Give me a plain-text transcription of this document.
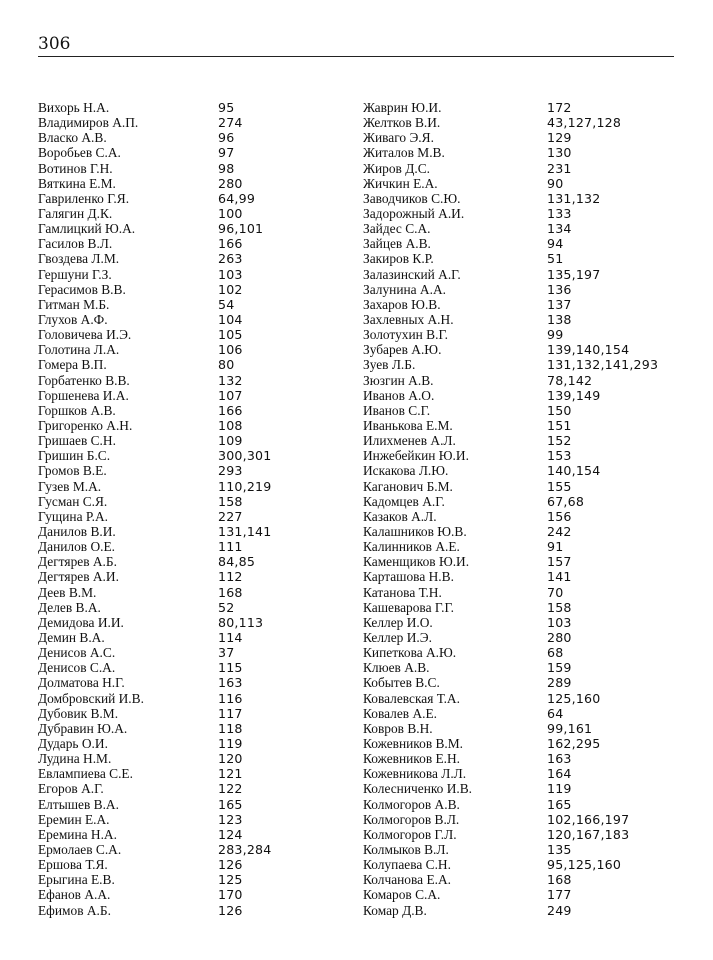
306
Вихорь Н.А.	95
Владимиров А.П.	274
Власко А.В.	96
Воробьев С.А.	97
Вотинов Г.Н.	98
Вяткина Е.М.	280
Гавриленко Г.Я.	64,99
Галягин Д.К.	100
Гамлицкий Ю.А.	96,101
Гасилов В.Л.	166
Гвоздева Л.М.	263
Гершуни Г.З.	103
Герасимов В.В.	102
Гитман М.Б.	54
Глухов А.Ф.	104
Головичева И.Э.	105
Голотина Л.А.	106
Гомера В.П.	80
Горбатенко В.В.	132
Горшенева И.А.	107
Горшков А.В.	166
Григоренко А.Н.	108
Гришаев С.Н.	109
Гришин Б.С.	300,301
Громов В.Е.	293
Гузев М.А.	110,219
Гусман С.Я.	158
Гущина Р.А.	227
Данилов В.И.	131,141
Данилов О.Е.	111
Дегтярев А.Б.	84,85
Дегтярев А.И.	112
Деев В.М.	168
Делев В.А.	52
Демидова И.И.	80,113
Демин В.А.	114
Денисов А.С.	37
Денисов С.А.	115
Долматова Н.Г.	163
Домбровский И.В.	116
Дубовик В.М.	117
Дубравин Ю.А.	118
Дударь О.И.	119
Лудина Н.М.	120
Евлампиева С.Е.	121
Егоров А.Г.	122
Елтышев В.А.	165
Еремин Е.А.	123
Еремина Н.А.	124
Ермолаев С.А.	283,284
Ершова Т.Я.	126
Ерыгина Е.В.	125
Ефанов А.А.	170
Ефимов А.Б.	126
Жаврин Ю.И.	172
Желтков В.И.	43,127,128
Живаго Э.Я.	129
Житалов М.В.	130
Жиров Д.С.	231
Жичкин Е.А.	90
Заводчиков С.Ю.	131,132
Задорожный А.И.	133
Зайдес С.А.	134
Зайцев А.В.	94
Закиров К.Р.	51
Залазинский А.Г.	135,197
Залунина А.А.	136
Захаров Ю.В.	137
Захлевных А.Н.	138
Золотухин В.Г.	99
Зубарев А.Ю.	139,140,154
Зуев Л.Б.	131,132,141,293
Зюзгин А.В.	78,142
Иванов А.О.	139,149
Иванов С.Г.	150
Иванькова Е.М.	151
Илихменев А.Л.	152
Инжебейкин Ю.И.	153
Искакова Л.Ю.	140,154
Каганович Б.М.	155
Кадомцев А.Г.	67,68
Казаков А.Л.	156
Калашников Ю.В.	242
Калинников А.Е.	91
Каменщиков Ю.И.	157
Карташова Н.В.	141
Катанова Т.Н.	70
Кашеварова Г.Г.	158
Келлер И.О.	103
Келлер И.Э.	280
Кипеткова А.Ю.	68
Клюев А.В.	159
Кобытев В.С.	289
Ковалевская Т.А.	125,160
Ковалев А.Е.	64
Ковров В.Н.	99,161
Кожевников В.М.	162,295
Кожевников Е.Н.	163
Кожевникова Л.Л.	164
Колесниченко И.В.	119
Колмогоров А.В.	165
Колмогоров В.Л.	102,166,197
Колмогоров Г.Л.	120,167,183
Колмыков В.Л.	135
Колупаева С.Н.	95,125,160
Колчанова Е.А.	168
Комаров С.А.	177
Комар Д.В.	249
